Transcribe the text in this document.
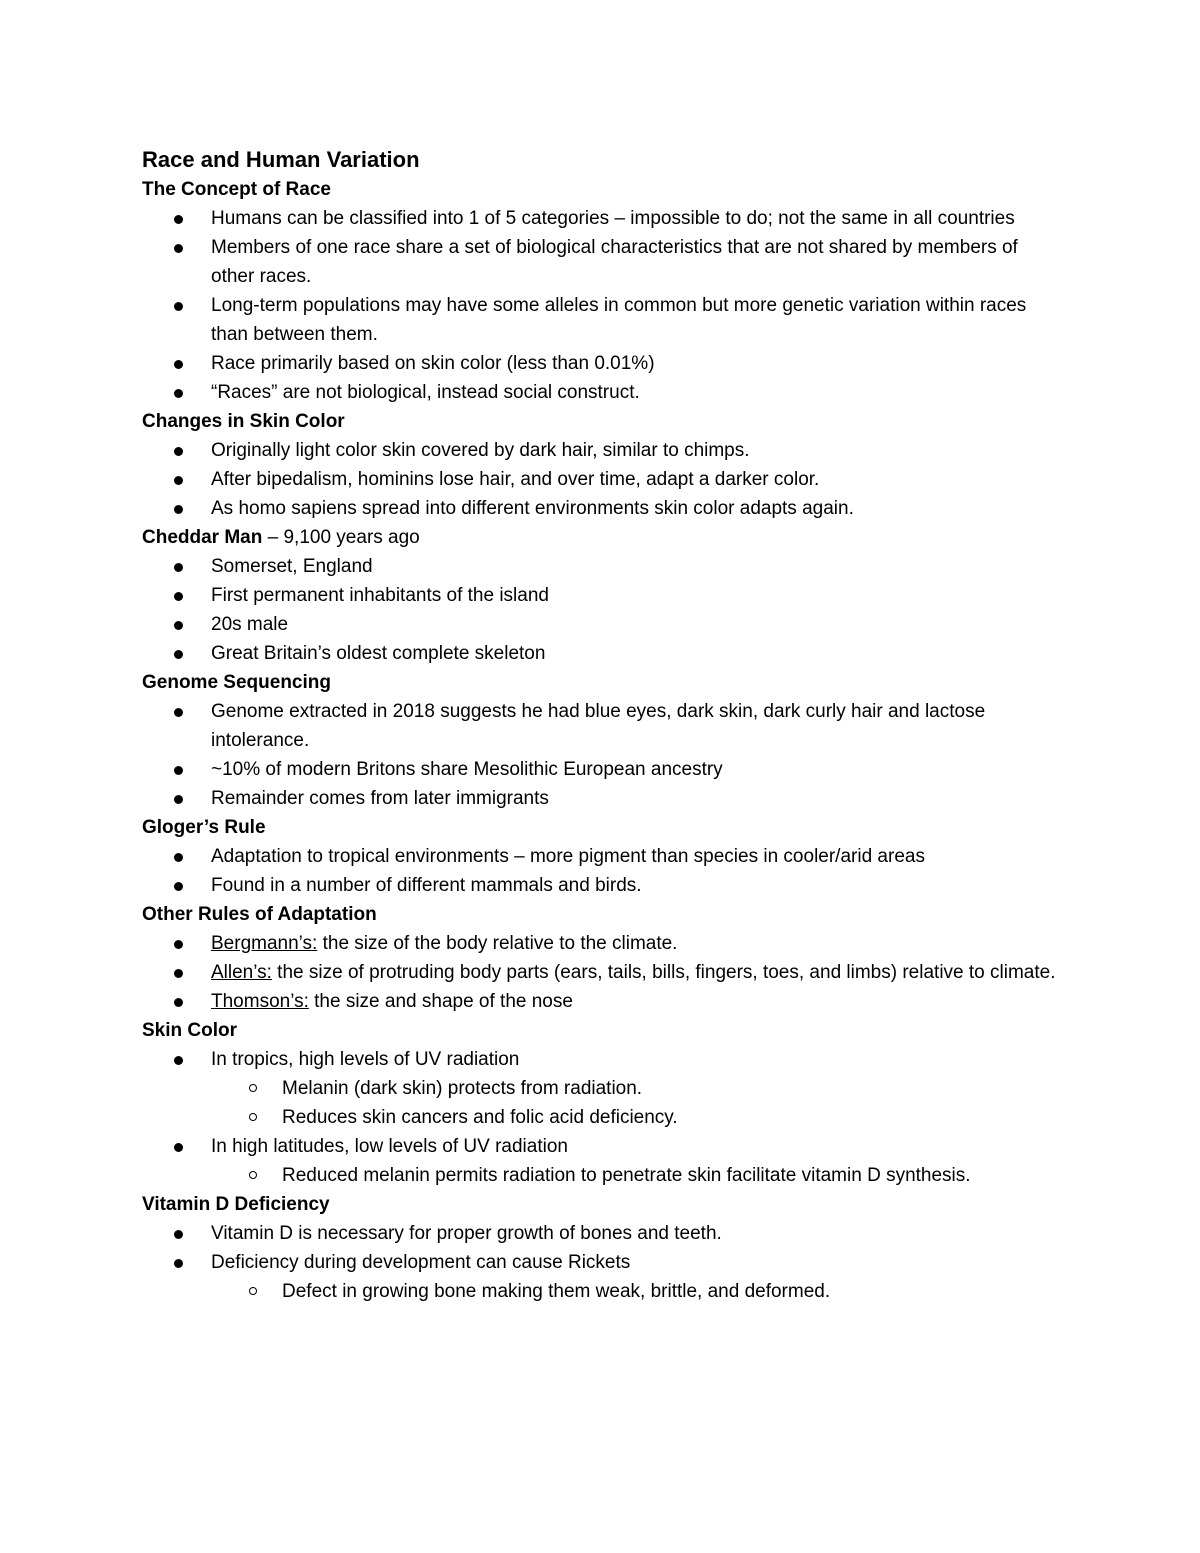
Race and Human Variation

The Concept of Race

Humans can be classified into 1 of 5 categories – impossible to do; not the same in all countries
Members of one race share a set of biological characteristics that are not shared by members of other races.
Long-term populations may have some alleles in common but more genetic variation within races than between them.
Race primarily based on skin color (less than 0.01%)
“Races” are not biological, instead social construct.

Changes in Skin Color

Originally light color skin covered by dark hair, similar to chimps.
After bipedalism, hominins lose hair, and over time, adapt a darker color.
As homo sapiens spread into different environments skin color adapts again.

Cheddar Man – 9,100 years ago

Somerset, England
First permanent inhabitants of the island
20s male
Great Britain’s oldest complete skeleton

Genome Sequencing

Genome extracted in 2018 suggests he had blue eyes, dark skin, dark curly hair and lactose intolerance.
~10% of modern Britons share Mesolithic European ancestry
Remainder comes from later immigrants

Gloger’s Rule

Adaptation to tropical environments – more pigment than species in cooler/arid areas
Found in a number of different mammals and birds.

Other Rules of Adaptation

Bergmann’s: the size of the body relative to the climate.
Allen’s: the size of protruding body parts (ears, tails, bills, fingers, toes, and limbs) relative to climate.
Thomson’s: the size and shape of the nose

Skin Color

In tropics, high levels of UV radiation
Melanin (dark skin) protects from radiation.
Reduces skin cancers and folic acid deficiency.
In high latitudes, low levels of UV radiation
Reduced melanin permits radiation to penetrate skin facilitate vitamin D synthesis.

Vitamin D Deficiency

Vitamin D is necessary for proper growth of bones and teeth.
Deficiency during development can cause Rickets
Defect in growing bone making them weak, brittle, and deformed.
